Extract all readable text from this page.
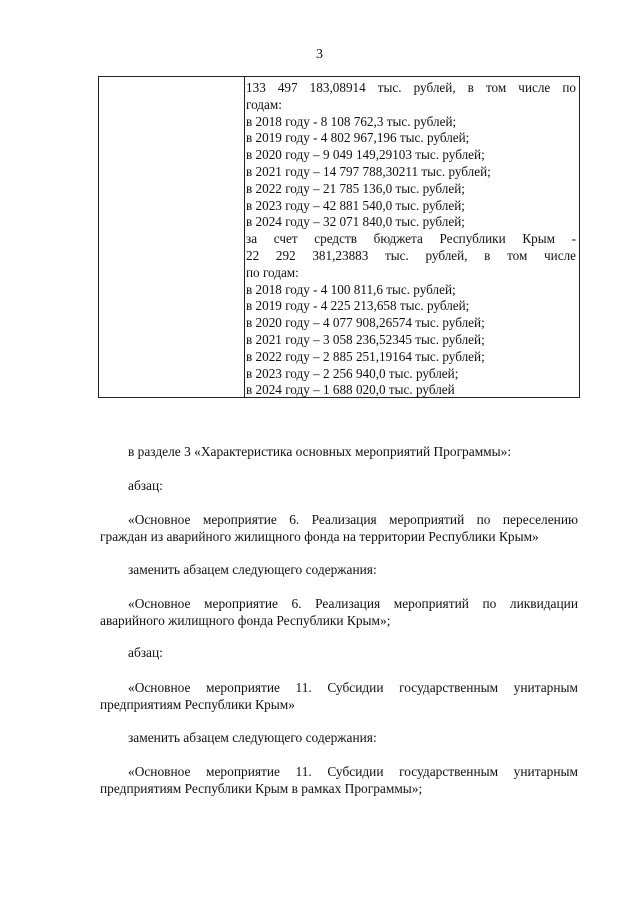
3
133 497 183,08914 тыс. рублей, в том числе по
годам:
в 2018 году - 8 108 762,3 тыс. рублей;
в 2019 году - 4 802 967,196 тыс. рублей;
в 2020 году – 9 049 149,29103 тыс. рублей;
в 2021 году – 14 797 788,30211 тыс. рублей;
в 2022 году – 21 785 136,0 тыс. рублей;
в 2023 году – 42 881 540,0 тыс. рублей;
в 2024 году – 32 071 840,0 тыс. рублей;
за счет средств бюджета Республики Крым -
22 292 381,23883 тыс. рублей, в том числе
по годам:
в 2018 году - 4 100 811,6 тыс. рублей;
в 2019 году - 4 225 213,658 тыс. рублей;
в 2020 году – 4 077 908,26574 тыс. рублей;
в 2021 году – 3 058 236,52345 тыс. рублей;
в 2022 году – 2 885 251,19164 тыс. рублей;
в 2023 году – 2 256 940,0 тыс. рублей;
в 2024 году – 1 688 020,0 тыс. рублей
в разделе 3 «Характеристика основных мероприятий Программы»:
абзац:
«Основное мероприятие 6. Реализация мероприятий по переселению
граждан из аварийного жилищного фонда на территории Республики Крым»
заменить абзацем следующего содержания:
«Основное мероприятие 6. Реализация мероприятий по ликвидации
аварийного жилищного фонда Республики Крым»;
абзац:
«Основное мероприятие 11. Субсидии государственным унитарным
предприятиям Республики Крым»
заменить абзацем следующего содержания:
«Основное мероприятие 11. Субсидии государственным унитарным
предприятиям Республики Крым в рамках Программы»;
